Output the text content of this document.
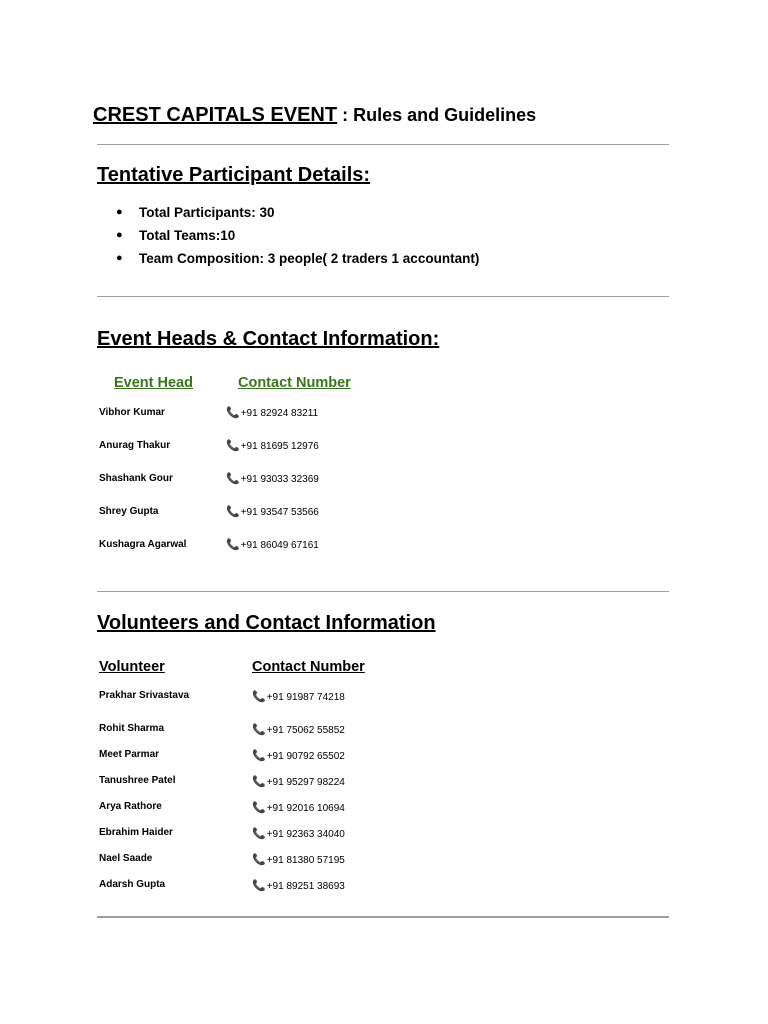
CREST CAPITALS EVENT : Rules and Guidelines
Tentative Participant Details:
● Total Participants: 30
● Total Teams:10
● Team Composition: 3 people( 2 traders 1 accountant)
Event Heads & Contact Information:
Event Head	Contact Number
Vibhor Kumar	📞+91 82924 83211
Anurag Thakur	📞+91 81695 12976
Shashank Gour	📞+91 93033 32369
Shrey Gupta	📞+91 93547 53566
Kushagra Agarwal	📞+91 86049 67161
Volunteers and Contact Information
Volunteer	Contact Number
Prakhar Srivastava	📞+91 91987 74218
Rohit Sharma	📞+91 75062 55852
Meet Parmar	📞+91 90792 65502
Tanushree Patel	📞+91 95297 98224
Arya Rathore	📞+91 92016 10694
Ebrahim Haider	📞+91 92363 34040
Nael Saade	📞+91 81380 57195
Adarsh Gupta	📞+91 89251 38693
